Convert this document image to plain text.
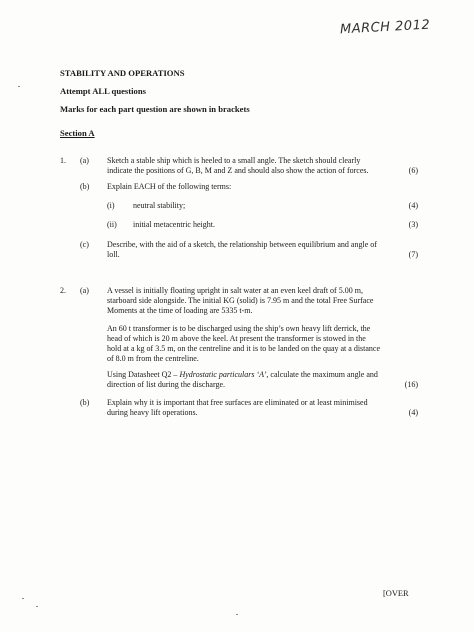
MARCH 2012
STABILITY AND OPERATIONS
Attempt ALL questions
Marks for each part question are shown in brackets
Section A
1. (a) Sketch a stable ship which is heeled to a small angle. The sketch should clearly
indicate the positions of G, B, M and Z and should also show the action of forces.	(6)
(b) Explain EACH of the following terms:
(i) neutral stability;	(4)
(ii) initial metacentric height.	(3)
(c) Describe, with the aid of a sketch, the relationship between equilibrium and angle of
loll.	(7)
2. (a) A vessel is initially floating upright in salt water at an even keel draft of 5.00 m,
starboard side alongside. The initial KG (solid) is 7.95 m and the total Free Surface
Moments at the time of loading are 5335 t-m.
An 60 t transformer is to be discharged using the ship’s own heavy lift derrick, the
head of which is 20 m above the keel. At present the transformer is stowed in the
hold at a kg of 3.5 m, on the centreline and it is to be landed on the quay at a distance
of 8.0 m from the centreline.
Using Datasheet Q2 – Hydrostatic particulars ‘A’, calculate the maximum angle and
direction of list during the discharge.	(16)
(b) Explain why it is important that free surfaces are eliminated or at least minimised
during heavy lift operations.	(4)
[OVER
